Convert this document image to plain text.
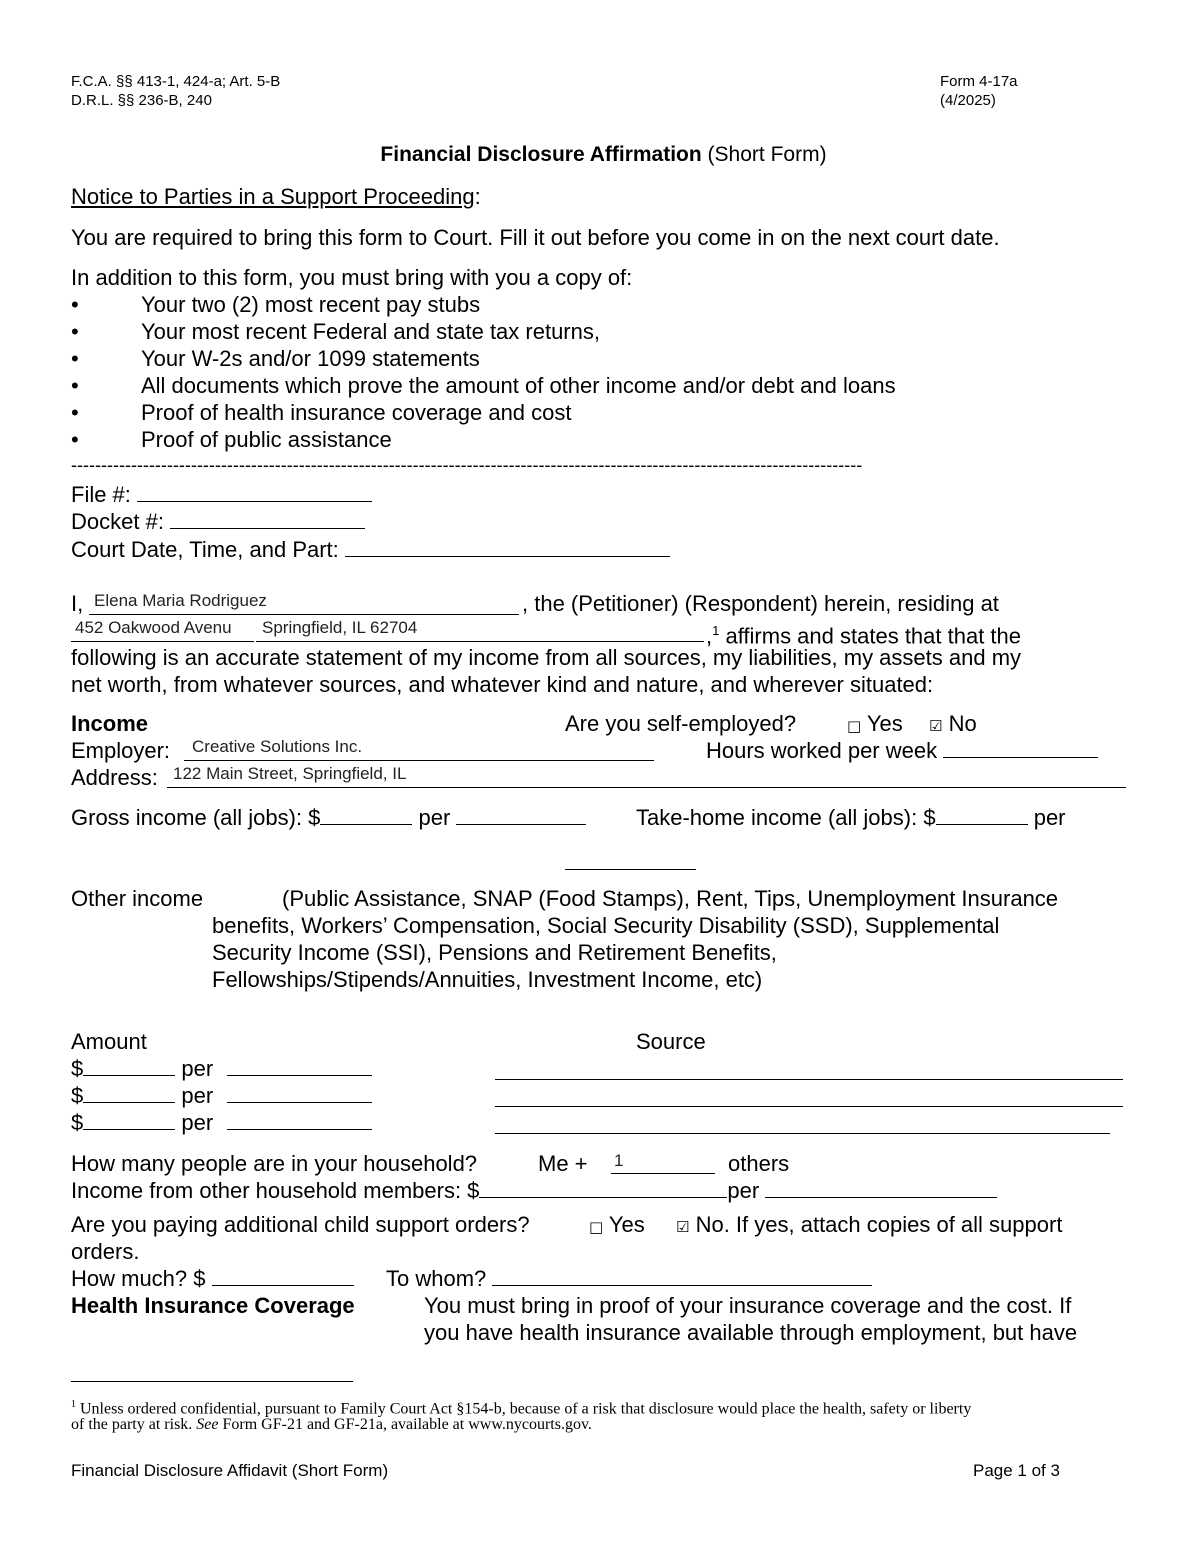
F.C.A. §§ 413-1, 424-a; Art. 5-B
D.R.L. §§ 236-B, 240
Form 4-17a
(4/2025)
Financial Disclosure Affirmation (Short Form)
Notice to Parties in a Support Proceeding:
You are required to bring this form to Court. Fill it out before you come in on the next court date.
In addition to this form, you must bring with you a copy of:
•	Your two (2) most recent pay stubs
•	Your most recent Federal and state tax returns,
•	Your W-2s and/or 1099 statements
•	All documents which prove the amount of other income and/or debt and loans
•	Proof of health insurance coverage and cost
•	Proof of public assistance
------------------------------------------------------------------------------------------------------------------------------------
File #:
Docket #:
Court Date, Time, and Part:
I, Elena Maria Rodriguez	, the (Petitioner) (Respondent) herein, residing at
452 Oakwood Avenu Springfield, IL 62704	,$^1$ affirms and states that that the
following is an accurate statement of my income from all sources, my liabilities, my assets and my
net worth, from whatever sources, and whatever kind and nature, and wherever situated:
Income	Are you self-employed?	□ Yes ☑ No
Employer: Creative Solutions Inc.	Hours worked per week
Address: 122 Main Street, Springfield, IL
Gross income (all jobs): $	per	Take-home income (all jobs): $	per
Other income	(Public Assistance, SNAP (Food Stamps), Rent, Tips, Unemployment Insurance
benefits, Workers’ Compensation, Social Security Disability (SSD), Supplemental
Security Income (SSI), Pensions and Retirement Benefits,
Fellowships/Stipends/Annuities, Investment Income, etc)
Amount	Source
$	per
$	per
$	per
How many people are in your household?	Me + 1	others
Income from other household members: $	per
Are you paying additional child support orders?	□ Yes ☑ No. If yes, attach copies of all support
orders.
How much? $	To whom?
Health Insurance Coverage	You must bring in proof of your insurance coverage and the cost. If
you have health insurance available through employment, but have
$^1$ Unless ordered confidential, pursuant to Family Court Act §154-b, because of a risk that disclosure would place the health, safety or liberty
of the party at risk. See Form GF-21 and GF-21a, available at www.nycourts.gov.
Financial Disclosure Affidavit (Short Form)	Page 1 of 3
